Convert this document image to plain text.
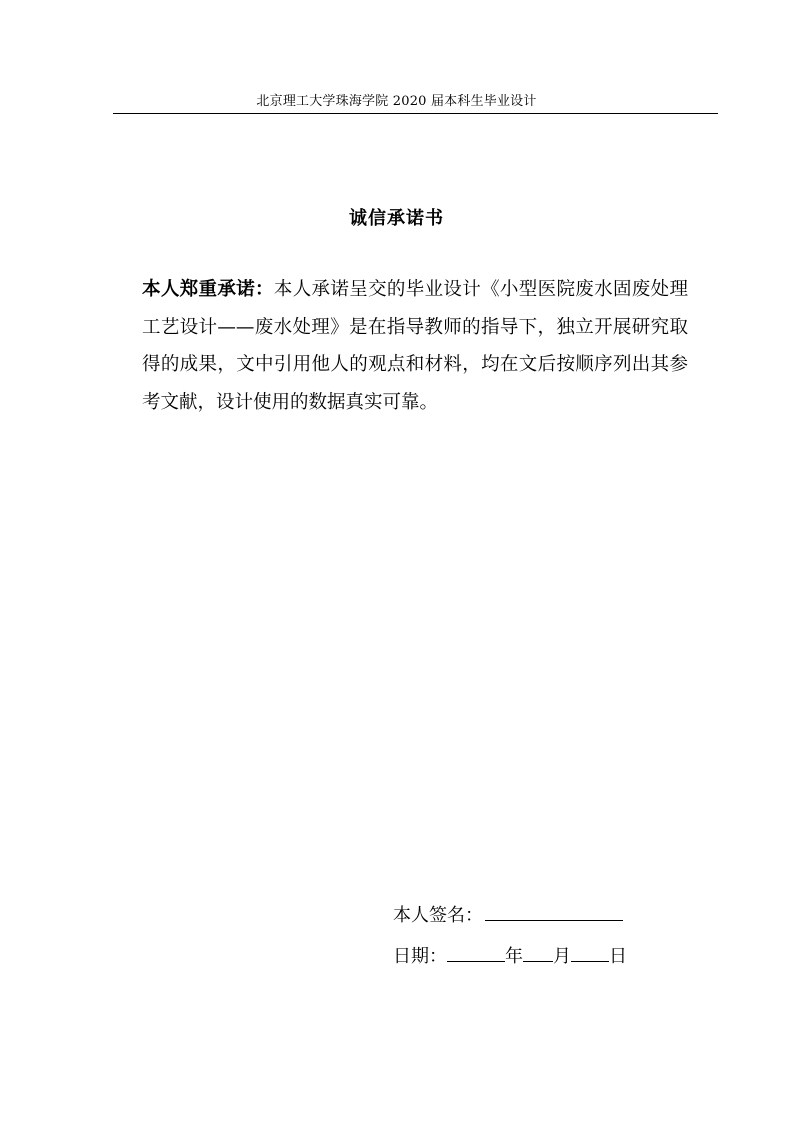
北京理工大学珠海学院 2020 届本科生毕业设计
诚信承诺书
本人郑重承诺：本人承诺呈交的毕业设计《小型医院废水固废处理工艺设计——废水处理》是在指导教师的指导下，独立开展研究取得的成果，文中引用他人的观点和材料，均在文后按顺序列出其参考文献，设计使用的数据真实可靠。
本人签名：
日期：	年 月 日
